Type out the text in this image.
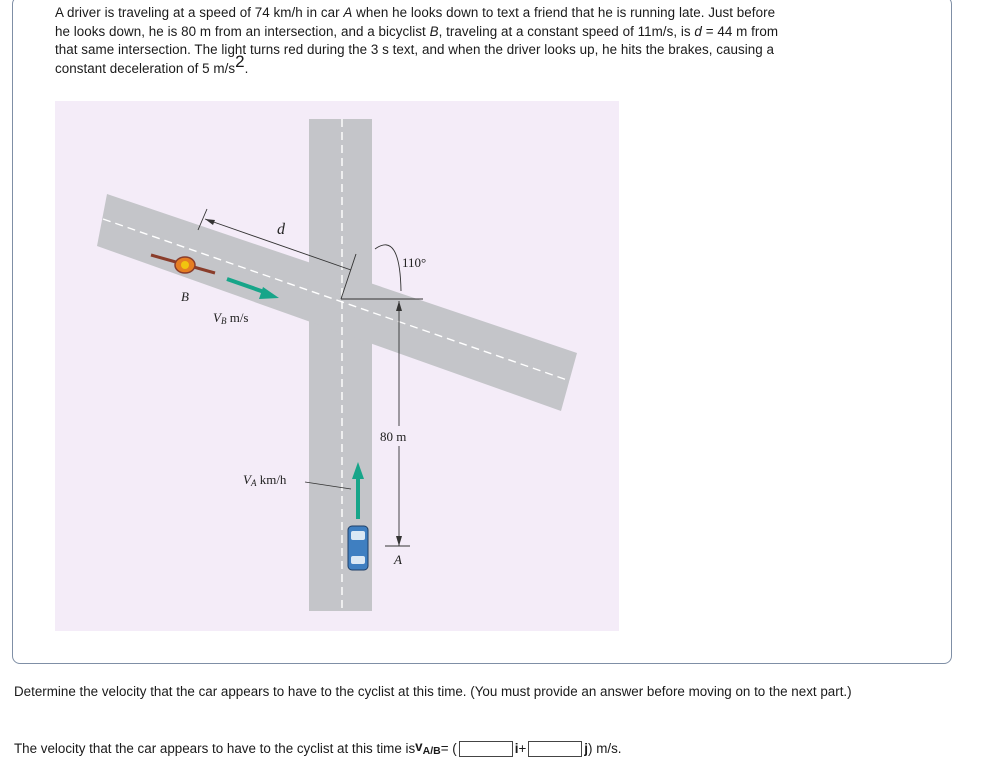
A driver is traveling at a speed of 74 km/h in car A when he looks down to text a friend that he is running late. Just before
he looks down, he is 80 m from an intersection, and a bicyclist B, traveling at a constant speed of 11m/s, is d = 44 m from
that same intersection. The light turns red during the 3 s text, and when the driver looks up, he hits the brakes, causing a
constant deceleration of 5 $m/s^2$.
d
110°
80 m
B
VB m/s
VA km/h
A
Determine the velocity that the car appears to have to the cyclist at this time. (You must provide an answer before moving on to the next part.)
The velocity that the car appears to have to the cyclist at this time is $v_{A/B}$ = (	i +	j ) m/s.
